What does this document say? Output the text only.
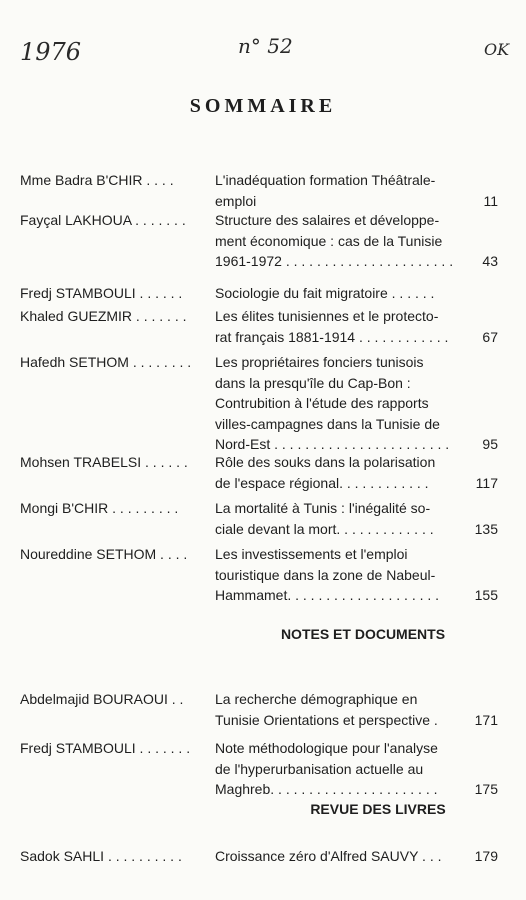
1976	n° 52	OK
SOMMAIRE
Mme Badra B'CHIR . . . .	L'inadéquation formation Théâtrale-
emploi	11
Fayçal LAKHOUA . . . . . . .	Structure des salaires et développe-
ment économique : cas de la Tunisie
1961-1972 . . . . . . . . . . . . . . . . . . . . . .	43
Fredj STAMBOULI . . . . . .	Sociologie du fait migratoire . . . . . .
Khaled GUEZMIR . . . . . . .	Les élites tunisiennes et le protecto-
rat français 1881-1914 . . . . . . . . . . . .	67
Hafedh SETHOM . . . . . . . .	Les propriétaires fonciers tunisois
dans la presqu'île du Cap-Bon :
Contrubition à l'étude des rapports
villes-campagnes dans la Tunisie de
Nord-Est . . . . . . . . . . . . . . . . . . . . . . .	95
Mohsen TRABELSI . . . . . .	Rôle des souks dans la polarisation
de l'espace régional. . . . . . . . . . . .	117
Mongi B'CHIR . . . . . . . . .	La mortalité à Tunis : l'inégalité so-
ciale devant la mort. . . . . . . . . . . . .	135
Noureddine SETHOM . . . .	Les investissements et l'emploi
touristique dans la zone de Nabeul-
Hammamet. . . . . . . . . . . . . . . . . . . .	155
Abdelmajid BOURAOUI . .	La recherche démographique en
Tunisie Orientations et perspective .	171
Fredj STAMBOULI . . . . . . .	Note méthodologique pour l'analyse
de l'hyperurbanisation actuelle au
Maghreb. . . . . . . . . . . . . . . . . . . . . .	175
Sadok SAHLI . . . . . . . . . .	Croissance zéro d'Alfred SAUVY . . .	179
NOTES ET DOCUMENTS
REVUE DES LIVRES
